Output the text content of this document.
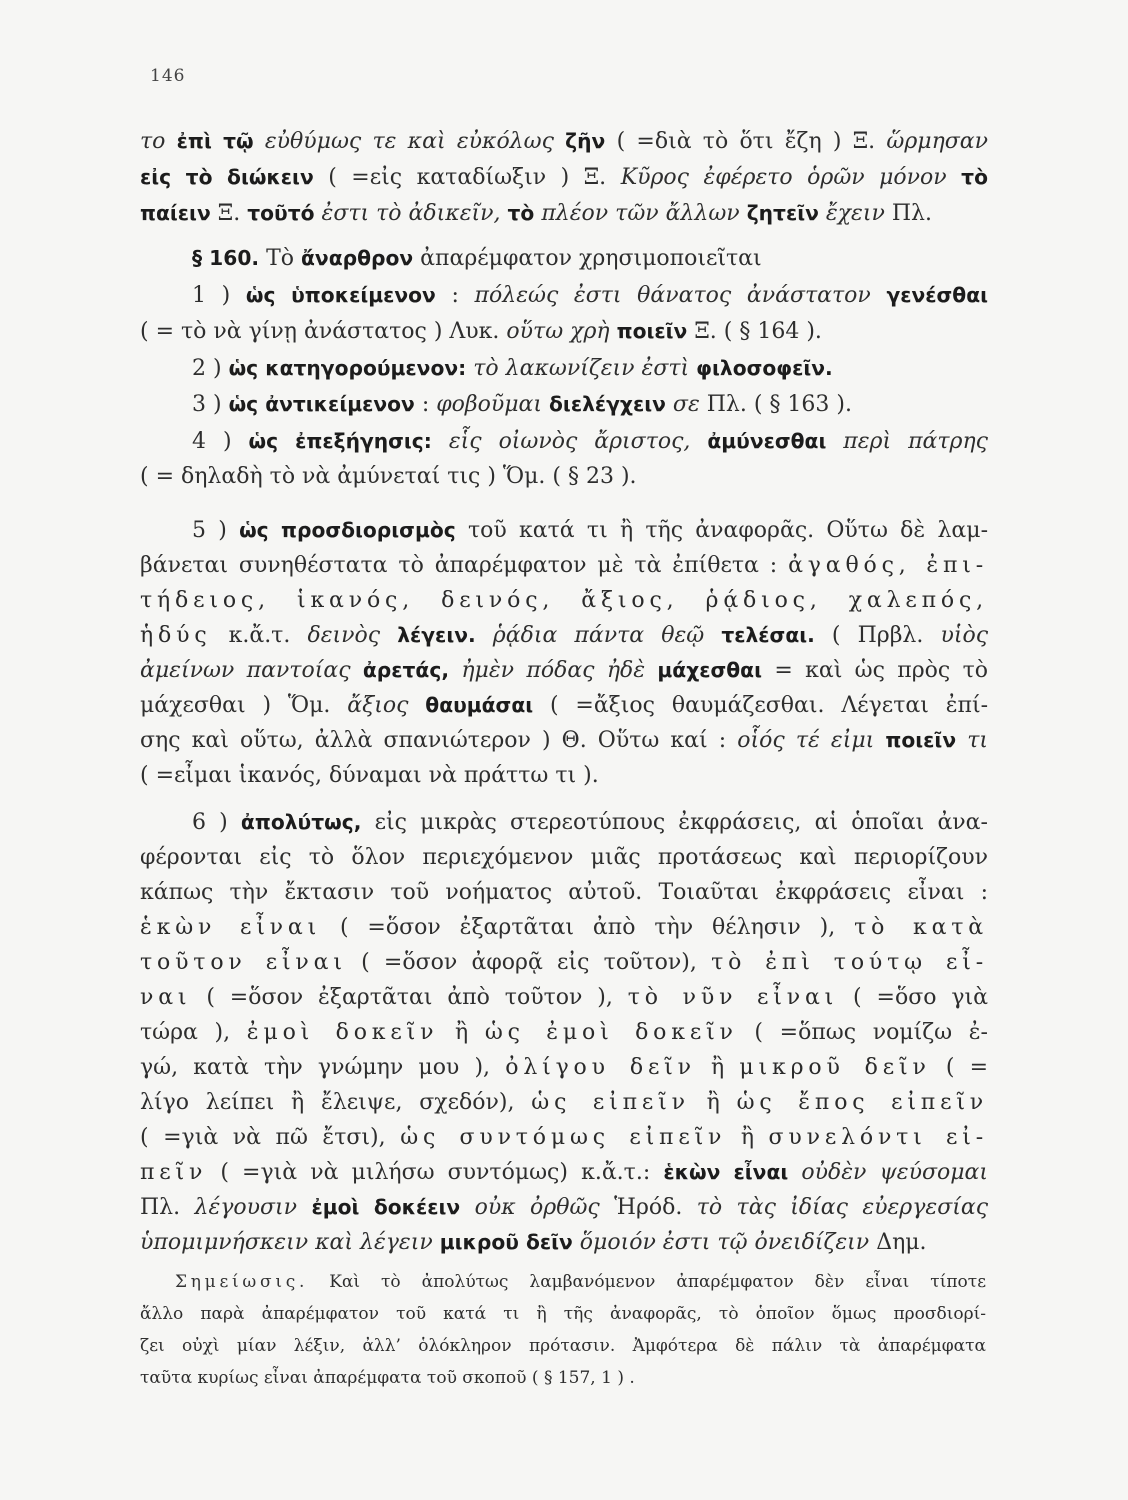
146
το ἐπὶ τῷ εὐθύμως τε καὶ εὐκόλως ζῆν ( =διὰ τὸ ὅτι ἔζη ) Ξ. ὥρμησαν
εἰς τὸ διώκειν ( =εἰς καταδίωξιν ) Ξ. Κῦρος ἐφέρετο ὁρῶν μόνον τὸ
παίειν Ξ. τοῦτό ἐστι τὸ ἀδικεῖν, τὸ πλέον τῶν ἄλλων ζητεῖν ἔχειν Πλ.
§ 160. Τὸ ἄναρθρον ἀπαρέμφατον χρησιμοποιεῖται
1 ) ὡς ὑποκείμενον : πόλεώς ἐστι θάνατος ἀνάστατον γενέσθαι
( = τὸ νὰ γίνῃ ἀνάστατος ) Λυκ. οὕτω χρὴ ποιεῖν Ξ. ( § 164 ).
2 ) ὡς κατηγορούμενον: τὸ λακωνίζειν ἐστὶ φιλοσοφεῖν.
3 ) ὡς ἀντικείμενον : φοβοῦμαι διελέγχειν σε Πλ. ( § 163 ).
4 ) ὡς ἐπεξήγησις: εἷς οἰωνὸς ἄριστος, ἀμύνεσθαι περὶ πάτρης
( = δηλαδὴ τὸ νὰ ἀμύνεταί τις ) Ὅμ. ( § 23 ).
5 ) ὡς προσδιορισμὸς τοῦ κατά τι ἢ τῆς ἀναφορᾶς. Οὕτω δὲ λαμ-
βάνεται συνηθέστατα τὸ ἀπαρέμφατον μὲ τὰ ἐπίθετα : ἀγαθός, ἐπι-
τήδειος, ἱκανός, δεινός, ἄξιος, ῥᾴδιος, χαλεπός,
ἡδύς κ.ἄ.τ. δεινὸς λέγειν. ῥᾴδια πάντα θεῷ τελέσαι. ( Πρβλ. υἱὸς
ἀμείνων παντοίας ἀρετάς, ἠμὲν πόδας ἠδὲ μάχεσθαι = καὶ ὡς πρὸς τὸ
μάχεσθαι ) Ὅμ. ἄξιος θαυμάσαι ( =ἄξιος θαυμάζεσθαι. Λέγεται ἐπί-
σης καὶ οὕτω, ἀλλὰ σπανιώτερον ) Θ. Οὕτω καί : οἷός τέ εἰμι ποιεῖν τι
( =εἶμαι ἱκανός, δύναμαι νὰ πράττω τι ).
6 ) ἀπολύτως, εἰς μικρὰς στερεοτύπους ἐκφράσεις, αἱ ὁποῖαι ἀνα-
φέρονται εἰς τὸ ὅλον περιεχόμενον μιᾶς προτάσεως καὶ περιορίζουν
κάπως τὴν ἔκτασιν τοῦ νοήματος αὐτοῦ. Τοιαῦται ἐκφράσεις εἶναι :
ἑκὼν εἶναι ( =ὅσον ἐξαρτᾶται ἀπὸ τὴν θέλησιν ), τὸ κατὰ
τοῦτον εἶναι ( =ὅσον ἀφορᾷ εἰς τοῦτον), τὸ ἐπὶ τούτῳ εἶ-
ναι ( =ὅσον ἐξαρτᾶται ἀπὸ τοῦτον ), τὸ νῦν εἶναι ( =ὅσο γιὰ
τώρα ), ἐμοὶ δοκεῖν ἢ ὡς ἐμοὶ δοκεῖν ( =ὅπως νομίζω ἐ-
γώ, κατὰ τὴν γνώμην μου ), ὀλίγου δεῖν ἢ μικροῦ δεῖν ( =
λίγο λείπει ἢ ἔλειψε, σχεδόν), ὡς εἰπεῖν ἢ ὡς ἔπος εἰπεῖν
( =γιὰ νὰ πῶ ἔτσι), ὡς συντόμως εἰπεῖν ἢ συνελόντι εἰ-
πεῖν ( =γιὰ νὰ μιλήσω συντόμως) κ.ἄ.τ.: ἑκὼν εἶναι οὐδὲν ψεύσομαι
Πλ. λέγουσιν ἐμοὶ δοκέειν οὐκ ὀρθῶς Ἡρόδ. τὸ τὰς ἰδίας εὐεργεσίας
ὑπομιμνήσκειν καὶ λέγειν μικροῦ δεῖν ὅμοιόν ἐστι τῷ ὀνειδίζειν Δημ.
Σημείωσις. Καὶ τὸ ἀπολύτως λαμβανόμενον ἀπαρέμφατον δὲν εἶναι τίποτε
ἄλλο παρὰ ἀπαρέμφατον τοῦ κατά τι ἢ τῆς ἀναφορᾶς, τὸ ὁποῖον ὅμως προσδιορί-
ζει οὐχὶ μίαν λέξιν, ἀλλ’ ὁλόκληρον πρότασιν. Ἀμφότερα δὲ πάλιν τὰ ἀπαρέμφατα
ταῦτα κυρίως εἶναι ἀπαρέμφατα τοῦ σκοποῦ ( § 157, 1 ) .
